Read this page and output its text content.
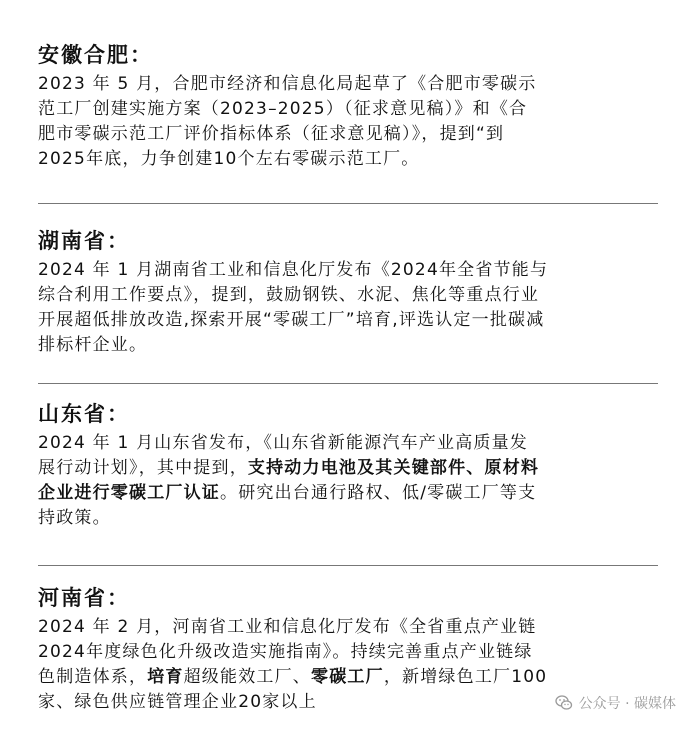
安徽合肥：

2023 年 5 月，合肥市经济和信息化局起草了《合肥市零碳示
范工厂创建实施方案（2023–2025）（征求意见稿）》和《合
肥市零碳示范工厂评价指标体系（征求意见稿）》，提到“到
2025年底，力争创建10个左右零碳示范工厂。

湖南省：

2024 年 1 月湖南省工业和信息化厅发布《2024年全省节能与
综合利用工作要点》，提到，鼓励钢铁、水泥、焦化等重点行业
开展超低排放改造,探索开展“零碳工厂”培育,评选认定一批碳减
排标杆企业。

山东省：

2024 年 1 月山东省发布，《山东省新能源汽车产业高质量发
展行动计划》，其中提到，支持动力电池及其关键部件、原材料
企业进行零碳工厂认证。研究出台通行路权、低/零碳工厂等支
持政策。

河南省：

2024 年 2 月，河南省工业和信息化厅发布《全省重点产业链
2024年度绿色化升级改造实施指南》。持续完善重点产业链绿
色制造体系，培育超级能效工厂、零碳工厂，新增绿色工厂100
家、绿色供应链管理企业20家以上	公众号 · 碳媒体
